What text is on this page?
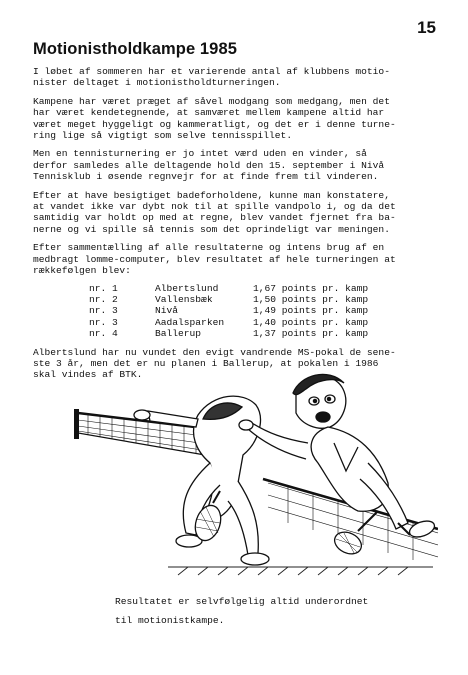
15
Motionistholdkampe 1985

I løbet af sommeren har et varierende antal af klubbens motio-
nister deltaget i motionistholdturneringen.

Kampene har været præget af såvel modgang som medgang, men det
har været kendetegnende, at samværet mellem kampene altid har
været meget hyggeligt og kammeratligt, og det er i denne turne-
ring lige så vigtigt som selve tennisspillet.

Men en tennisturnering er jo intet værd uden en vinder, så
derfor samledes alle deltagende hold den 15. september i Nivå
Tennisklub i øsende regnvejr for at finde frem til vinderen.

Efter at have besigtiget badeforholdene, kunne man konstatere,
at vandet ikke var dybt nok til at spille vandpolo i, og da det
samtidig var holdt op med at regne, blev vandet fjernet fra ba-
nerne og vi spille så tennis som det oprindeligt var meningen.

Efter sammentælling af alle resultaterne og intens brug af en
medbragt lomme-computer, blev resultatet af hele turneringen at
rækkefølgen blev:

nr. 1	Albertslund	1,67 points pr. kamp
nr. 2	Vallensbæk	1,50 points pr. kamp
nr. 3	Nivå	1,49 points pr. kamp
nr. 3	Aadalsparken	1,40 points pr. kamp
nr. 4	Ballerup	1,37 points pr. kamp

Albertslund har nu vundet den evigt vandrende MS-pokal de sene-
ste 3 år, men det er nu planen i Ballerup, at pokalen i 1986
skal vindes af BTK.

Resultatet er selvfølgelig altid underordnet
til motionistkampe.
